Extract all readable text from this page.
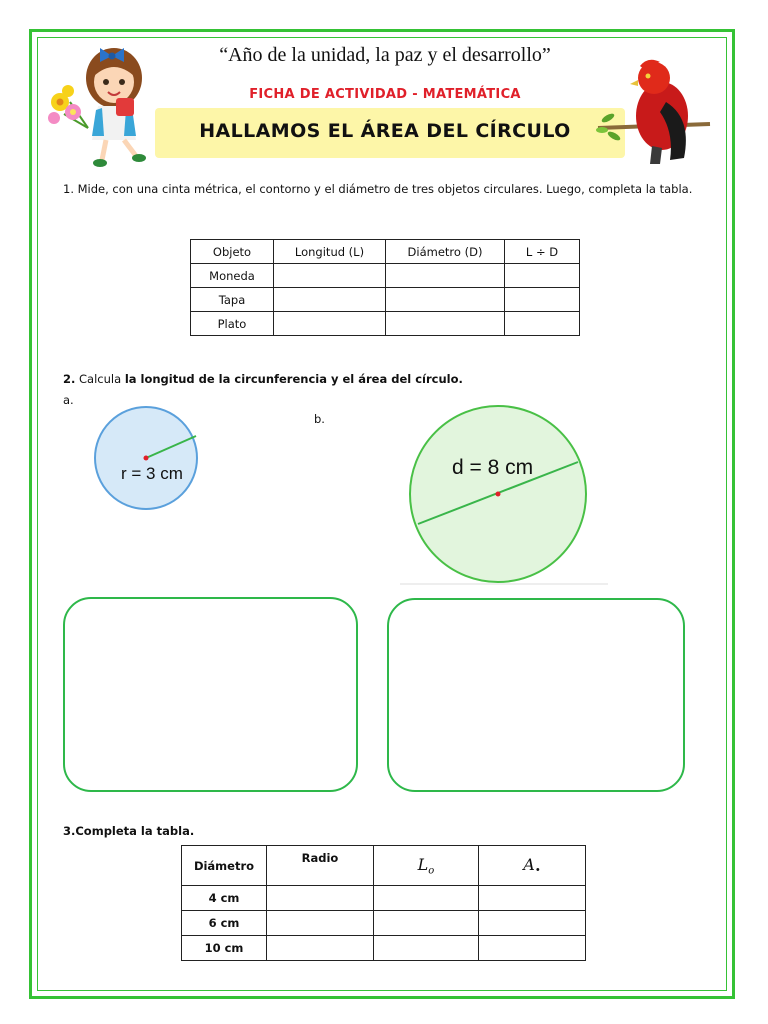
“Año de la unidad, la paz y el desarrollo”
FICHA DE ACTIVIDAD - MATEMÁTICA
HALLAMOS EL ÁREA DEL CÍRCULO
1. Mide, con una cinta métrica, el contorno y el diámetro de tres objetos circulares. Luego, completa la tabla.
Objeto	Longitud (L)	Diámetro (D)	L ÷ D
Moneda			
Tapa			
Plato			
2. Calcula la longitud de la circunferencia y el área del círculo.
a.
b.
r = 3 cm	d = 8 cm
3.Completa la tabla.
Diámetro	Radio	$L_o$	$A_•$
4 cm			
6 cm			
10 cm			
